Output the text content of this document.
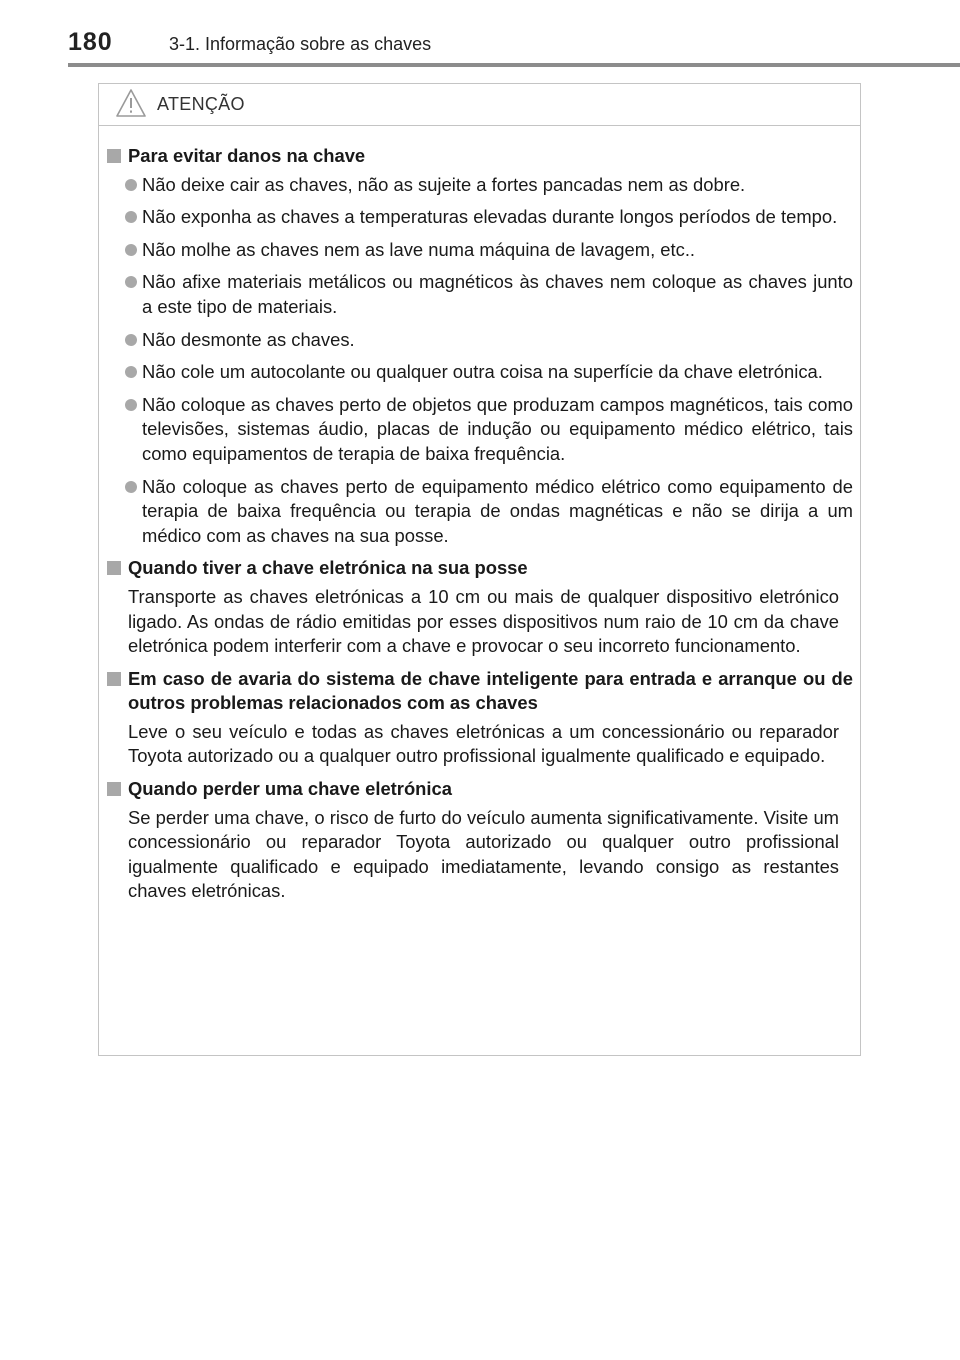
180	3-1. Informação sobre as chaves
ATENÇÃO
Para evitar danos na chave
Não deixe cair as chaves, não as sujeite a fortes pancadas nem as dobre.
Não exponha as chaves a temperaturas elevadas durante longos períodos de tempo.
Não molhe as chaves nem as lave numa máquina de lavagem, etc..
Não afixe materiais metálicos ou magnéticos às chaves nem coloque as chaves junto a este tipo de materiais.
Não desmonte as chaves.
Não cole um autocolante ou qualquer outra coisa na superfície da chave eletrónica.
Não coloque as chaves perto de objetos que produzam campos magnéticos, tais como televisões, sistemas áudio, placas de indução ou equipamento médico elétrico, tais como equipamentos de terapia de baixa frequência.
Não coloque as chaves perto de equipamento médico elétrico como equipamento de terapia de baixa frequência ou terapia de ondas magnéticas e não se dirija a um médico com as chaves na sua posse.
Quando tiver a chave eletrónica na sua posse
Transporte as chaves eletrónicas a 10 cm ou mais de qualquer dispositivo eletrónico ligado. As ondas de rádio emitidas por esses dispositivos num raio de 10 cm da chave eletrónica podem interferir com a chave e provocar o seu incorreto funcionamento.
Em caso de avaria do sistema de chave inteligente para entrada e arranque ou de outros problemas relacionados com as chaves
Leve o seu veículo e todas as chaves eletrónicas a um concessionário ou reparador Toyota autorizado ou a qualquer outro profissional igualmente qualificado e equipado.
Quando perder uma chave eletrónica
Se perder uma chave, o risco de furto do veículo aumenta significativamente. Visite um concessionário ou reparador Toyota autorizado ou qualquer outro profissional igualmente qualificado e equipado imediatamente, levando consigo as restantes chaves eletrónicas.
